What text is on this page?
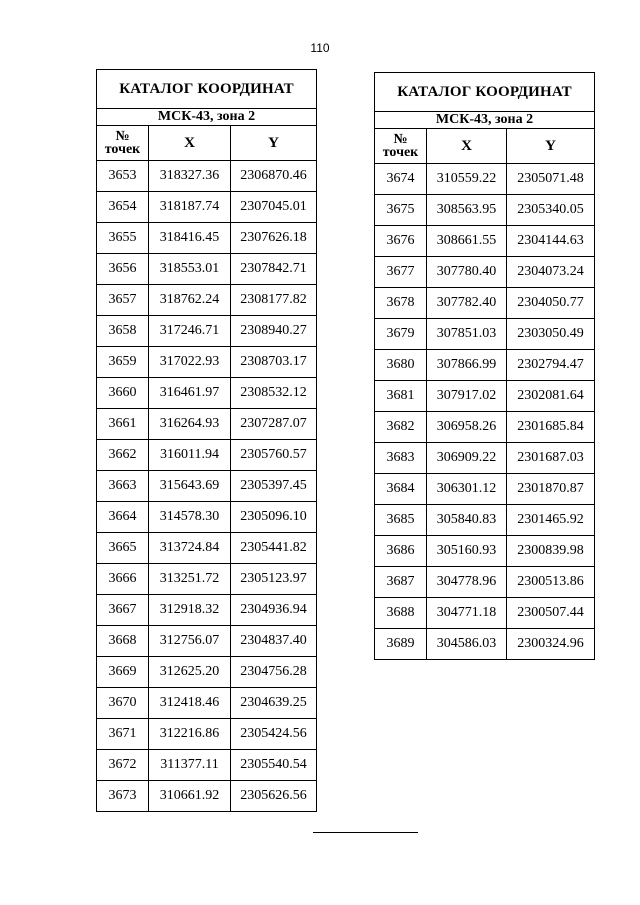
110
КАТАЛОГ КООРДИНАТ		
МСК-43, зона 2		
№
точек	X	Y
3653	318327.36	2306870.46
3654	318187.74	2307045.01
3655	318416.45	2307626.18
3656	318553.01	2307842.71
3657	318762.24	2308177.82
3658	317246.71	2308940.27
3659	317022.93	2308703.17
3660	316461.97	2308532.12
3661	316264.93	2307287.07
3662	316011.94	2305760.57
3663	315643.69	2305397.45
3664	314578.30	2305096.10
3665	313724.84	2305441.82
3666	313251.72	2305123.97
3667	312918.32	2304936.94
3668	312756.07	2304837.40
3669	312625.20	2304756.28
3670	312418.46	2304639.25
3671	312216.86	2305424.56
3672	311377.11	2305540.54
3673	310661.92	2305626.56
КАТАЛОГ КООРДИНАТ		
МСК-43, зона 2		
№
точек	X	Y
3674	310559.22	2305071.48
3675	308563.95	2305340.05
3676	308661.55	2304144.63
3677	307780.40	2304073.24
3678	307782.40	2304050.77
3679	307851.03	2303050.49
3680	307866.99	2302794.47
3681	307917.02	2302081.64
3682	306958.26	2301685.84
3683	306909.22	2301687.03
3684	306301.12	2301870.87
3685	305840.83	2301465.92
3686	305160.93	2300839.98
3687	304778.96	2300513.86
3688	304771.18	2300507.44
3689	304586.03	2300324.96
